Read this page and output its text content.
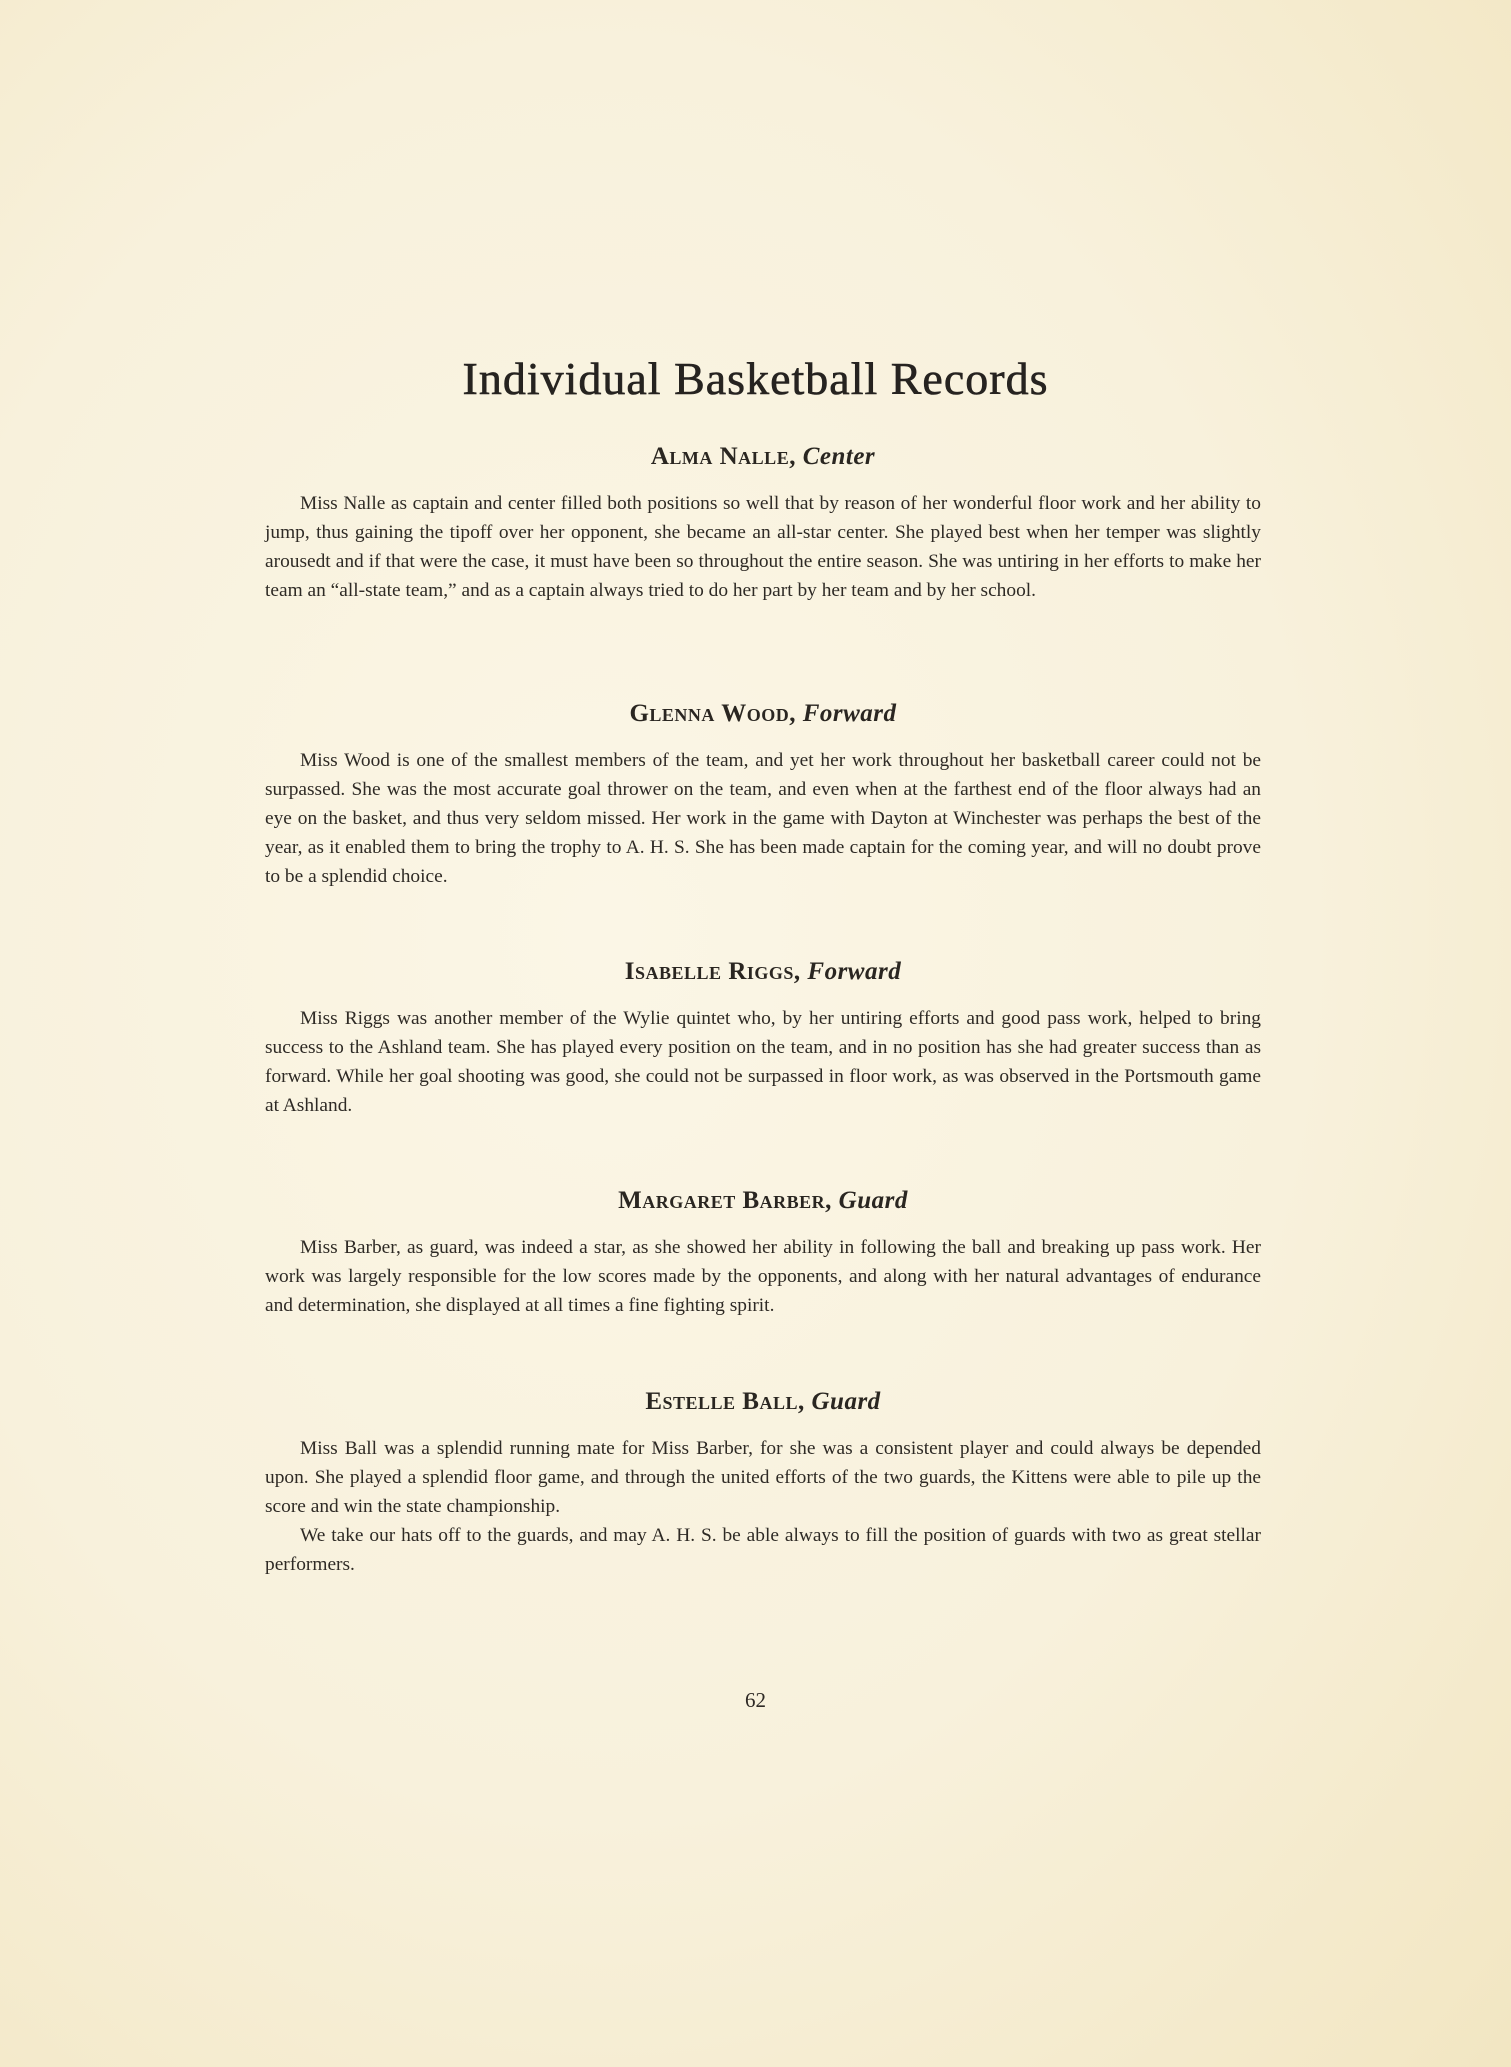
Individual Basketball Records
Alma Nalle, Center

Miss Nalle as captain and center filled both positions so well that by reason of her wonderful floor work and her ability to jump, thus gaining the tipoff over her opponent, she became an all-star center. She played best when her temper was slightly arousedt and if that were the case, it must have been so throughout the entire season. She was untiring in her efforts to make her team an “all-state team,” and as a captain always tried to do her part by her team and by her school.

Glenna Wood, Forward

Miss Wood is one of the smallest members of the team, and yet her work throughout her basketball career could not be surpassed. She was the most accurate goal thrower on the team, and even when at the farthest end of the floor always had an eye on the basket, and thus very seldom missed. Her work in the game with Dayton at Winchester was perhaps the best of the year, as it enabled them to bring the trophy to A. H. S. She has been made captain for the coming year, and will no doubt prove to be a splendid choice.

Isabelle Riggs, Forward

Miss Riggs was another member of the Wylie quintet who, by her untiring efforts and good pass work, helped to bring success to the Ashland team. She has played every position on the team, and in no position has she had greater success than as forward. While her goal shooting was good, she could not be surpassed in floor work, as was observed in the Portsmouth game at Ashland.

Margaret Barber, Guard

Miss Barber, as guard, was indeed a star, as she showed her ability in following the ball and breaking up pass work. Her work was largely responsible for the low scores made by the opponents, and along with her natural advantages of endurance and determination, she displayed at all times a fine fighting spirit.

Estelle Ball, Guard

Miss Ball was a splendid running mate for Miss Barber, for she was a consistent player and could always be depended upon. She played a splendid floor game, and through the united efforts of the two guards, the Kittens were able to pile up the score and win the state championship.

We take our hats off to the guards, and may A. H. S. be able always to fill the position of guards with two as great stellar performers.

62
